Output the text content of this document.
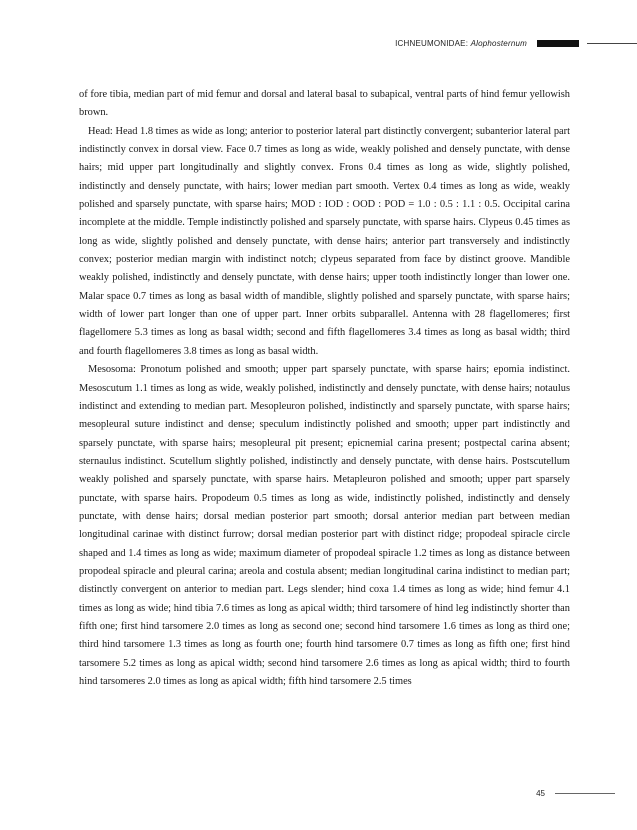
ICHNEUMONIDAE: Alophosternum

of fore tibia, median part of mid femur and dorsal and lateral basal to subapical, ventral parts of hind femur yellowish brown.

Head: Head 1.8 times as wide as long; anterior to posterior lateral part distinctly convergent; subanterior lateral part indistinctly convex in dorsal view. Face 0.7 times as long as wide, weakly polished and densely punctate, with dense hairs; mid upper part longitudinally and slightly convex. Frons 0.4 times as long as wide, slightly polished, indistinctly and densely punctate, with hairs; lower median part smooth. Vertex 0.4 times as long as wide, weakly polished and sparsely punctate, with sparse hairs; MOD : IOD : OOD : POD = 1.0 : 0.5 : 1.1 : 0.5. Occipital carina incomplete at the middle. Temple indistinctly polished and sparsely punctate, with sparse hairs. Clypeus 0.45 times as long as wide, slightly polished and densely punctate, with dense hairs; anterior part transversely and indistinctly convex; posterior median margin with indistinct notch; clypeus separated from face by distinct groove. Mandible weakly polished, indistinctly and densely punctate, with dense hairs; upper tooth indistinctly longer than lower one. Malar space 0.7 times as long as basal width of mandible, slightly polished and sparsely punctate, with sparse hairs; width of lower part longer than one of upper part. Inner orbits subparallel. Antenna with 28 flagellomeres; first flagellomere 5.3 times as long as basal width; second and fifth flagellomeres 3.4 times as long as basal width; third and fourth flagellomeres 3.8 times as long as basal width.

Mesosoma: Pronotum polished and smooth; upper part sparsely punctate, with sparse hairs; epomia indistinct. Mesoscutum 1.1 times as long as wide, weakly polished, indistinctly and densely punctate, with dense hairs; notaulus indistinct and extending to median part. Mesopleuron polished, indistinctly and sparsely punctate, with sparse hairs; mesopleural suture indistinct and dense; speculum indistinctly polished and smooth; upper part indistinctly and sparsely punctate, with sparse hairs; mesopleural pit present; epicnemial carina present; postpectal carina absent; sternaulus indistinct. Scutellum slightly polished, indistinctly and densely punctate, with dense hairs. Postscutellum weakly polished and sparsely punctate, with sparse hairs. Metapleuron polished and smooth; upper part sparsely punctate, with sparse hairs. Propodeum 0.5 times as long as wide, indistinctly polished, indistinctly and densely punctate, with dense hairs; dorsal median posterior part smooth; dorsal anterior median part between median longitudinal carinae with distinct furrow; dorsal median posterior part with distinct ridge; propodeal spiracle circle shaped and 1.4 times as long as wide; maximum diameter of propodeal spiracle 1.2 times as long as distance between propodeal spiracle and pleural carina; areola and costula absent; median longitudinal carina indistinct to median part; distinctly convergent on anterior to median part. Legs slender; hind coxa 1.4 times as long as wide; hind femur 4.1 times as long as wide; hind tibia 7.6 times as long as apical width; third tarsomere of hind leg indistinctly shorter than fifth one; first hind tarsomere 2.0 times as long as second one; second hind tarsomere 1.6 times as long as third one; third hind tarsomere 1.3 times as long as fourth one; fourth hind tarsomere 0.7 times as long as fifth one; first hind tarsomere 5.2 times as long as apical width; second hind tarsomere 2.6 times as long as apical width; third to fourth hind tarsomeres 2.0 times as long as apical width; fifth hind tarsomere 2.5 times

45
